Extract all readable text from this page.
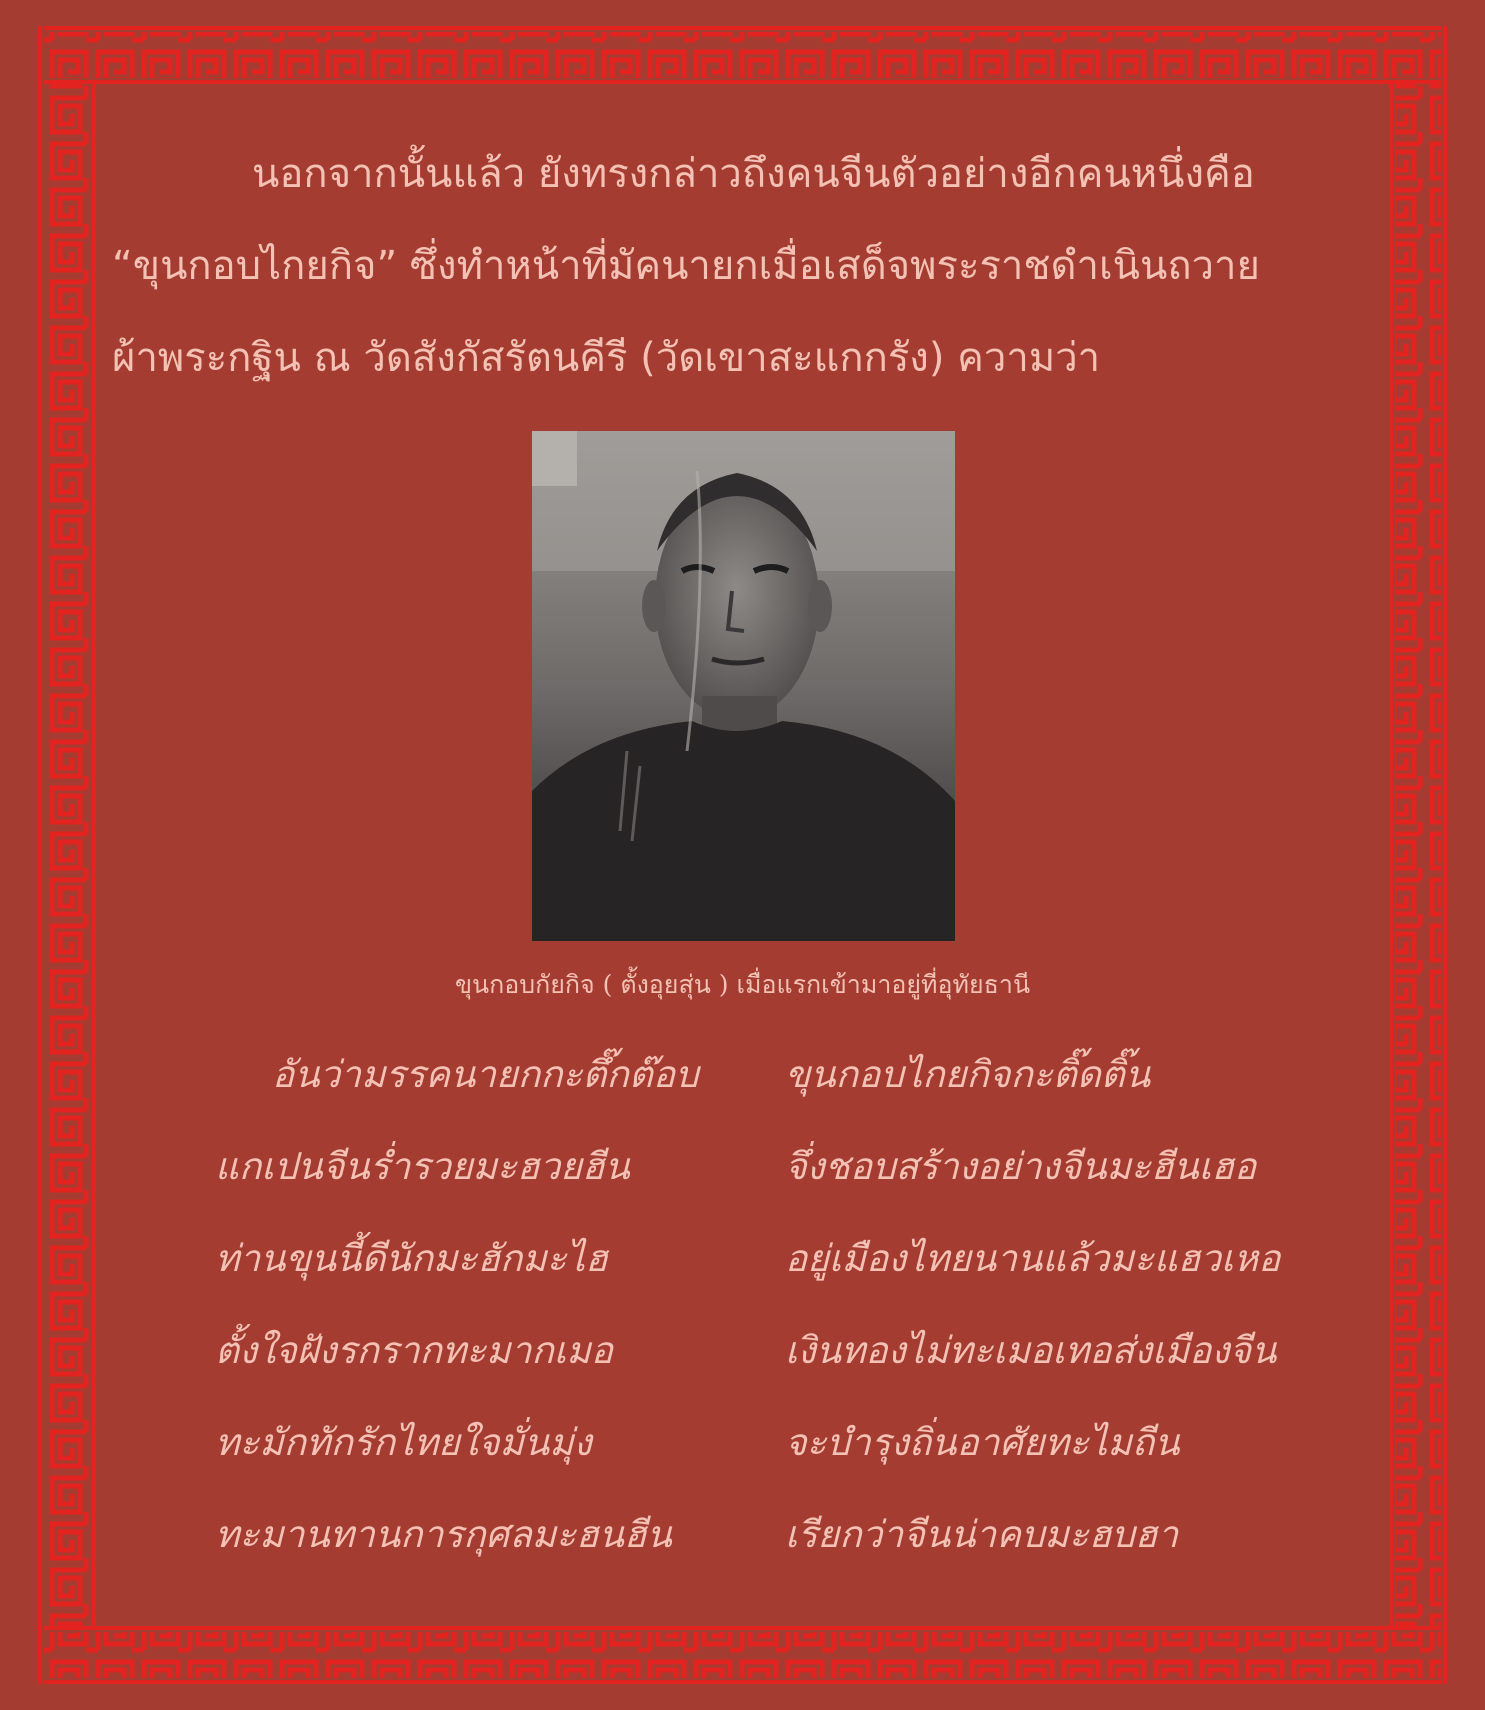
นอกจากนั้นแล้ว ยังทรงกล่าวถึงคนจีนตัวอย่างอีกคนหนึ่งคือ

“ขุนกอบไกยกิจ” ซึ่งทำหน้าที่มัคนายกเมื่อเสด็จพระราชดำเนินถวาย

ผ้าพระกฐิน ณ วัดสังกัสรัตนคีรี (วัดเขาสะแกกรัง) ความว่า

ขุนกอบกัยกิจ ( ตั้งอุยสุ่น ) เมื่อแรกเข้ามาอยู่ที่อุทัยธานี
อันว่ามรรคนายกกะตึ๊กต๊อบ ขุนกอบไกยกิจกะติ๊ดติ๊น
แกเปนจีนร่ำรวยมะฮวยฮีน	จึ่งชอบสร้างอย่างจีนมะฮีนเฮอ
ท่านขุนนี้ดีนักมะฮักมะไฮ	อยู่เมืองไทยนานแล้วมะแฮวเหอ
ตั้งใจฝังรกรากทะมากเมอ	เงินทองไม่ทะเมอเทอส่งเมืองจีน
ทะมักทักรักไทยใจมั่นมุ่ง	จะบำรุงถิ่นอาศัยทะไมถีน
ทะมานทานการกุศลมะฮนฮีน	เรียกว่าจีนน่าคบมะฮบฮา
